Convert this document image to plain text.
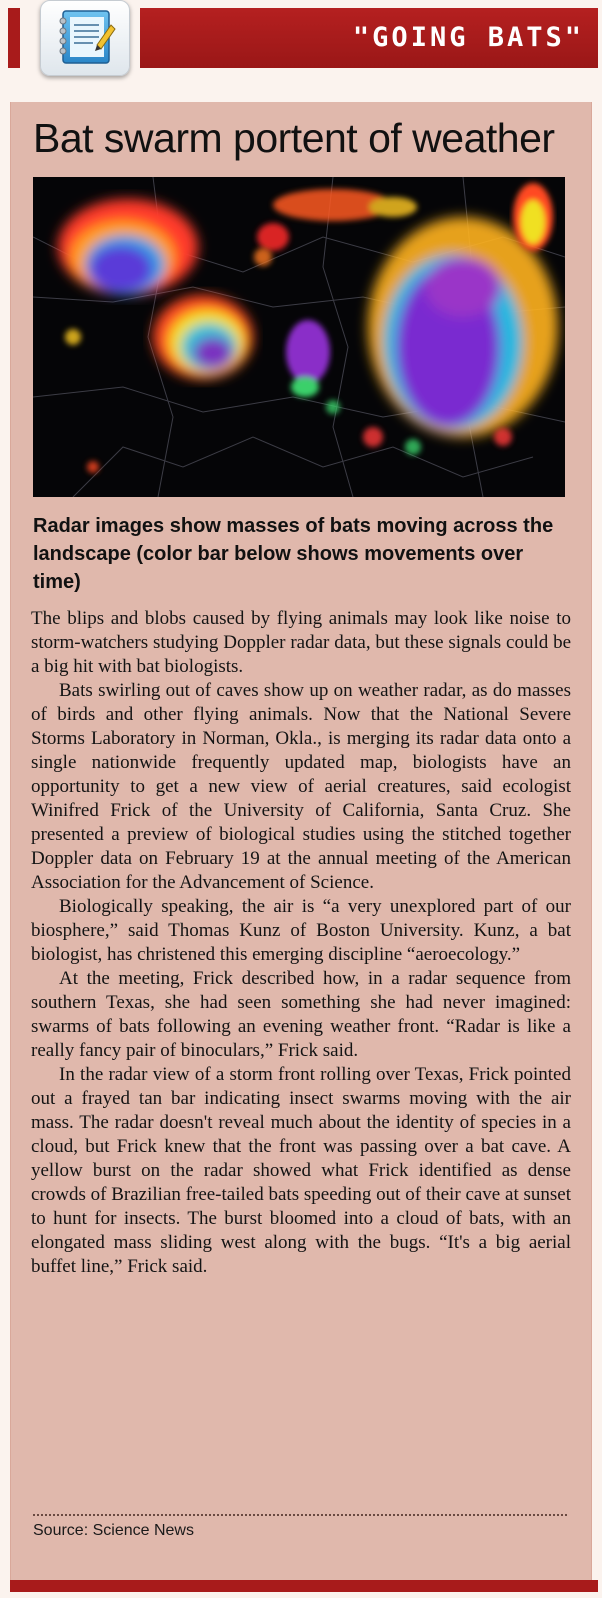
"GOING BATS"
Bat swarm portent of weather

Radar images show masses of bats moving across the landscape (color bar below shows movements over time)

The blips and blobs caused by flying animals may look like noise to storm-watchers studying Doppler radar data, but these signals could be a big hit with bat biologists.

Bats swirling out of caves show up on weather radar, as do masses of birds and other flying animals. Now that the National Severe Storms Laboratory in Norman, Okla., is merging its radar data onto a single nationwide frequently updated map, biologists have an opportunity to get a new view of aerial creatures, said ecologist Winifred Frick of the University of California, Santa Cruz. She presented a preview of biological studies using the stitched together Doppler data on February 19 at the annual meeting of the American Association for the Advancement of Science.

Biologically speaking, the air is “a very unexplored part of our biosphere,” said Thomas Kunz of Boston University. Kunz, a bat biologist, has christened this emerging discipline “aeroecology.”

At the meeting, Frick described how, in a radar sequence from southern Texas, she had seen something she had never imagined: swarms of bats following an evening weather front. “Radar is like a really fancy pair of binoculars,” Frick said.

In the radar view of a storm front rolling over Texas, Frick pointed out a frayed tan bar indicating insect swarms moving with the air mass. The radar doesn't reveal much about the identity of species in a cloud, but Frick knew that the front was passing over a bat cave. A yellow burst on the radar showed what Frick identified as dense crowds of Brazilian free-tailed bats speeding out of their cave at sunset to hunt for insects. The burst bloomed into a cloud of bats, with an elongated mass sliding west along with the bugs. “It's a big aerial buffet line,” Frick said.

Source: Science News
